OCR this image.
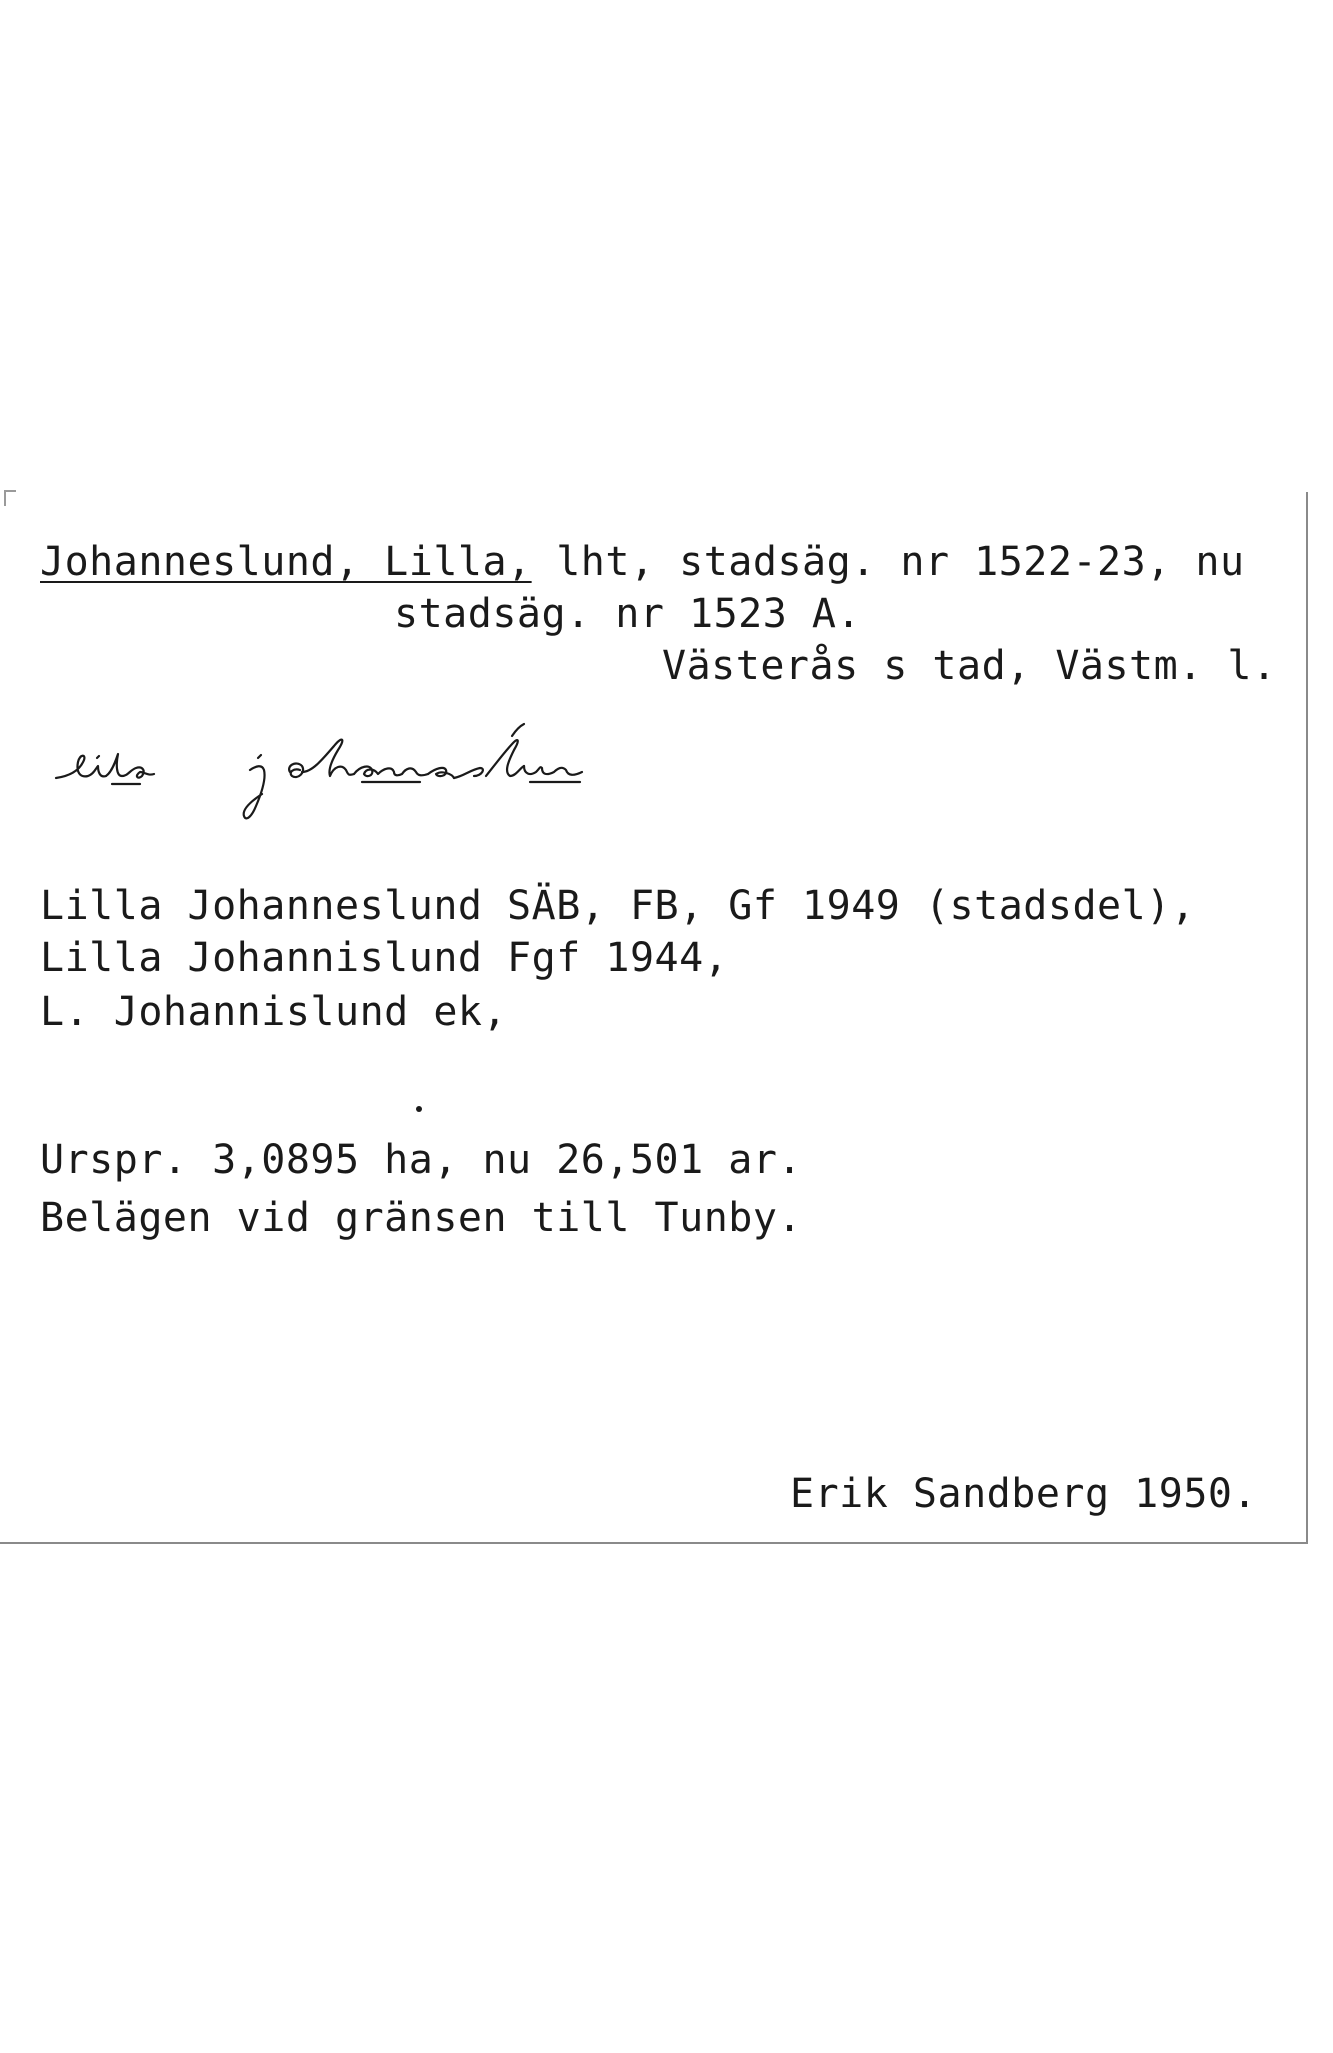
Johanneslund, Lilla, lht, stadsäg. nr 1522-23, nu
stadsäg. nr 1523 A.
Västerås s tad, Västm. l.
Lilla Johanneslund SÄB, FB, Gf 1949 (stadsdel),
Lilla Johannislund Fgf 1944,
L. Johannislund ek,
Urspr. 3,0895 ha, nu 26,501 ar.
Belägen vid gränsen till Tunby.
Erik Sandberg 1950.
